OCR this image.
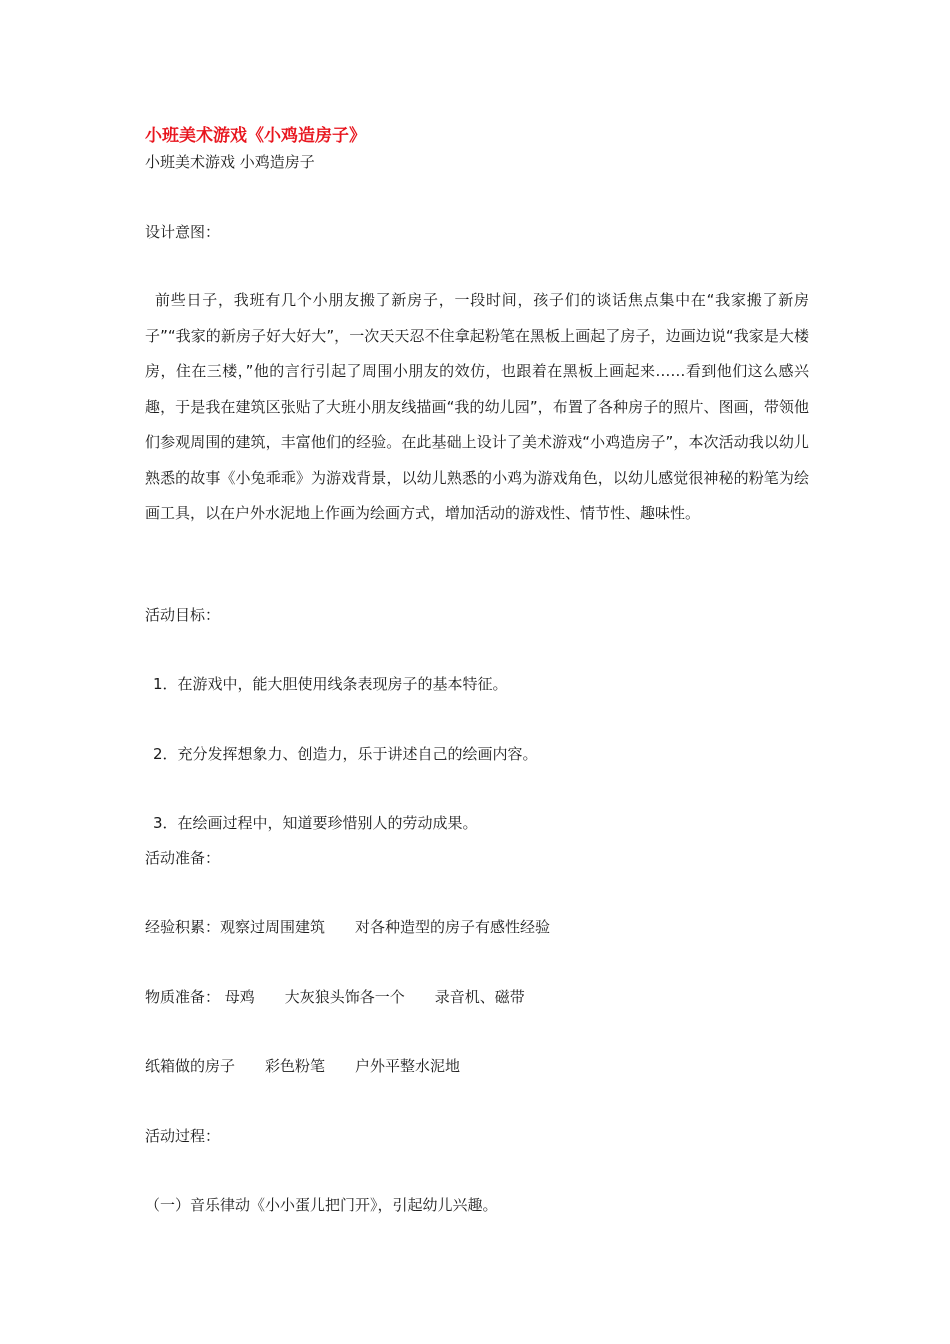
小班美术游戏《小鸡造房子》
小班美术游戏 小鸡造房子
设计意图：
前些日子，我班有几个小朋友搬了新房子，一段时间，孩子们的谈话焦点集中在“我家搬了新房子”“我家的新房子好大好大”，一次天天忍不住拿起粉笔在黑板上画起了房子，边画边说“我家是大楼房，住在三楼，”他的言行引起了周围小朋友的效仿，也跟着在黑板上画起来……看到他们这么感兴趣，于是我在建筑区张贴了大班小朋友线描画“我的幼儿园”，布置了各种房子的照片、图画，带领他们参观周围的建筑，丰富他们的经验。在此基础上设计了美术游戏“小鸡造房子”，本次活动我以幼儿熟悉的故事《小兔乖乖》为游戏背景，以幼儿熟悉的小鸡为游戏角色，以幼儿感觉很神秘的粉笔为绘画工具，以在户外水泥地上作画为绘画方式，增加活动的游戏性、情节性、趣味性。
活动目标：
1．在游戏中，能大胆使用线条表现房子的基本特征。
2．充分发挥想象力、创造力，乐于讲述自己的绘画内容。
3．在绘画过程中，知道要珍惜别人的劳动成果。
活动准备：
经验积累：观察过周围建筑　　对各种造型的房子有感性经验
物质准备： 母鸡　　大灰狼头饰各一个　　录音机、磁带
纸箱做的房子　　彩色粉笔　　户外平整水泥地
活动过程：
（一）音乐律动《小小蛋儿把门开》，引起幼儿兴趣。
